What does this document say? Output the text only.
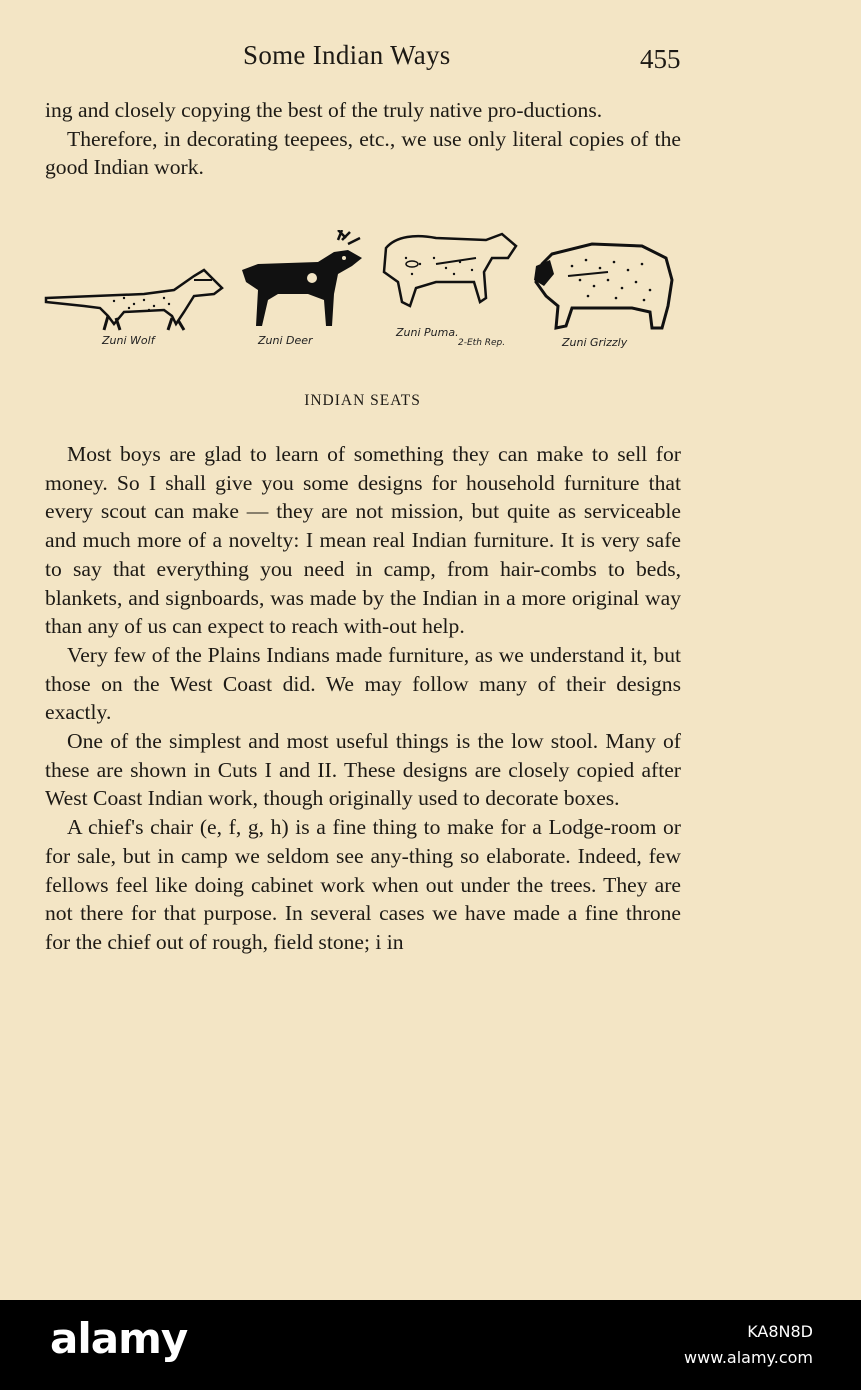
Some Indian Ways	455

ing and closely copying the best of the truly native pro-ductions.

Therefore, in decorating teepees, etc., we use only literal copies of the good Indian work.

Zuni Wolf	Zuni Deer
Zuni Puma.
2-Eth Rep.	Zuni Grizzly
INDIAN SEATS

Most boys are glad to learn of something they can make to sell for money. So I shall give you some designs for household furniture that every scout can make — they are not mission, but quite as serviceable and much more of a novelty: I mean real Indian furniture. It is very safe to say that everything you need in camp, from hair-combs to beds, blankets, and signboards, was made by the Indian in a more original way than any of us can expect to reach with-out help.

Very few of the Plains Indians made furniture, as we understand it, but those on the West Coast did. We may follow many of their designs exactly.

One of the simplest and most useful things is the low stool. Many of these are shown in Cuts I and II. These designs are closely copied after West Coast Indian work, though originally used to decorate boxes.

A chief's chair (e, f, g, h) is a fine thing to make for a Lodge-room or for sale, but in camp we seldom see any-thing so elaborate. Indeed, few fellows feel like doing cabinet work when out under the trees. They are not there for that purpose. In several cases we have made a fine throne for the chief out of rough, field stone; i in

alamy	KA8N8D
www.alamy.com
